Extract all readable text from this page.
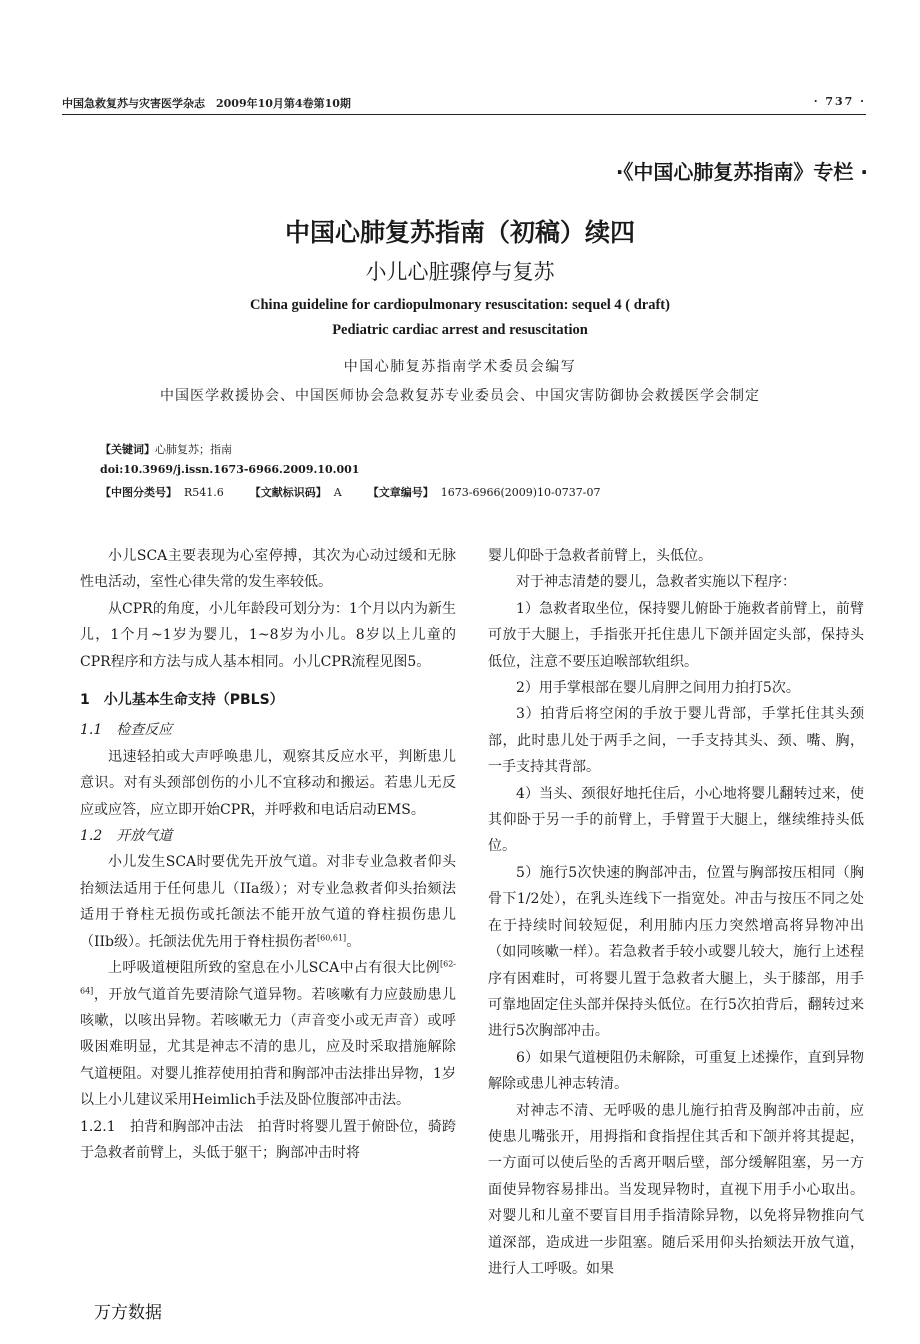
中国急救复苏与灾害医学杂志　2009年10月第4卷第10期	· 737 ·
·《中国心肺复苏指南》专栏 ·
中国心肺复苏指南（初稿）续四
小儿心脏骤停与复苏
China guideline for cardiopulmonary resuscitation: sequel 4 ( draft)
Pediatric cardiac arrest and resuscitation
中国心肺复苏指南学术委员会编写
中国医学救援协会、中国医师协会急救复苏专业委员会、中国灾害防御协会救援医学会制定
【关键词】心肺复苏；指南
doi:10.3969/j.issn.1673-6966.2009.10.001
【中图分类号】 R541.6 【文献标识码】 A 【文章编号】 1673-6966(2009)10-0737-07

小儿SCA主要表现为心室停搏，其次为心动过缓和无脉性电活动，室性心律失常的发生率较低。

从CPR的角度，小儿年龄段可划分为：1个月以内为新生儿，1个月~1岁为婴儿，1~8岁为小儿。8岁以上儿童的CPR程序和方法与成人基本相同。小儿CPR流程见图5。

1　小儿基本生命支持（PBLS）
1.1　检查反应

迅速轻拍或大声呼唤患儿，观察其反应水平，判断患儿意识。对有头颈部创伤的小儿不宜移动和搬运。若患儿无反应或应答，应立即开始CPR，并呼救和电话启动EMS。

1.2　开放气道

小儿发生SCA时要优先开放气道。对非专业急救者仰头抬颏法适用于任何患儿（IIa级）；对专业急救者仰头抬颏法适用于脊柱无损伤或托颌法不能开放气道的脊柱损伤患儿（IIb级）。托颌法优先用于脊柱损伤者[60,61]。

上呼吸道梗阻所致的窒息在小儿SCA中占有很大比例[62-64]，开放气道首先要清除气道异物。若咳嗽有力应鼓励患儿咳嗽，以咳出异物。若咳嗽无力（声音变小或无声音）或呼吸困难明显，尤其是神志不清的患儿，应及时采取措施解除气道梗阻。对婴儿推荐使用拍背和胸部冲击法排出异物，1岁以上小儿建议采用Heimlich手法及卧位腹部冲击法。

1.2.1　拍背和胸部冲击法　拍背时将婴儿置于俯卧位，骑跨于急救者前臂上，头低于躯干；胸部冲击时将

婴儿仰卧于急救者前臂上，头低位。

对于神志清楚的婴儿，急救者实施以下程序：

1）急救者取坐位，保持婴儿俯卧于施救者前臂上，前臂可放于大腿上，手指张开托住患儿下颌并固定头部，保持头低位，注意不要压迫喉部软组织。

2）用手掌根部在婴儿肩胛之间用力拍打5次。

3）拍背后将空闲的手放于婴儿背部，手掌托住其头颈部，此时患儿处于两手之间，一手支持其头、颈、嘴、胸，一手支持其背部。

4）当头、颈很好地托住后，小心地将婴儿翻转过来，使其仰卧于另一手的前臂上，手臂置于大腿上，继续维持头低位。

5）施行5次快速的胸部冲击，位置与胸部按压相同（胸骨下1/2处），在乳头连线下一指宽处。冲击与按压不同之处在于持续时间较短促，利用肺内压力突然增高将异物冲出（如同咳嗽一样）。若急救者手较小或婴儿较大，施行上述程序有困难时，可将婴儿置于急救者大腿上，头于膝部，用手可靠地固定住头部并保持头低位。在行5次拍背后，翻转过来进行5次胸部冲击。

6）如果气道梗阻仍未解除，可重复上述操作，直到异物解除或患儿神志转清。

对神志不清、无呼吸的患儿施行拍背及胸部冲击前，应使患儿嘴张开，用拇指和食指捏住其舌和下颌并将其提起，一方面可以使后坠的舌离开咽后壁，部分缓解阻塞，另一方面使异物容易排出。当发现异物时，直视下用手小心取出。对婴儿和儿童不要盲目用手指清除异物，以免将异物推向气道深部，造成进一步阻塞。随后采用仰头抬颏法开放气道，进行人工呼吸。如果

万方数据
